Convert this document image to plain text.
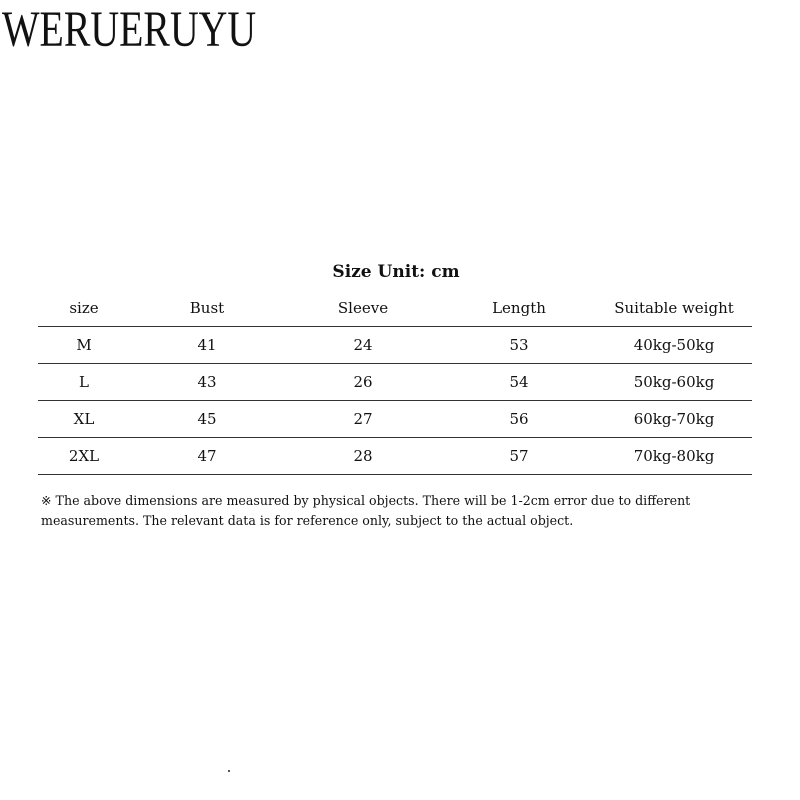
WERUERUYU
Size Unit: cm
size	Bust	Sleeve	Length	Suitable weight
M	41	24	53	40kg-50kg
L	43	26	54	50kg-60kg
XL	45	27	56	60kg-70kg
2XL	47	28	57	70kg-80kg
※ The above dimensions are measured by physical objects. There will be 1-2cm error due to different
measurements. The relevant data is for reference only, subject to the actual object.
